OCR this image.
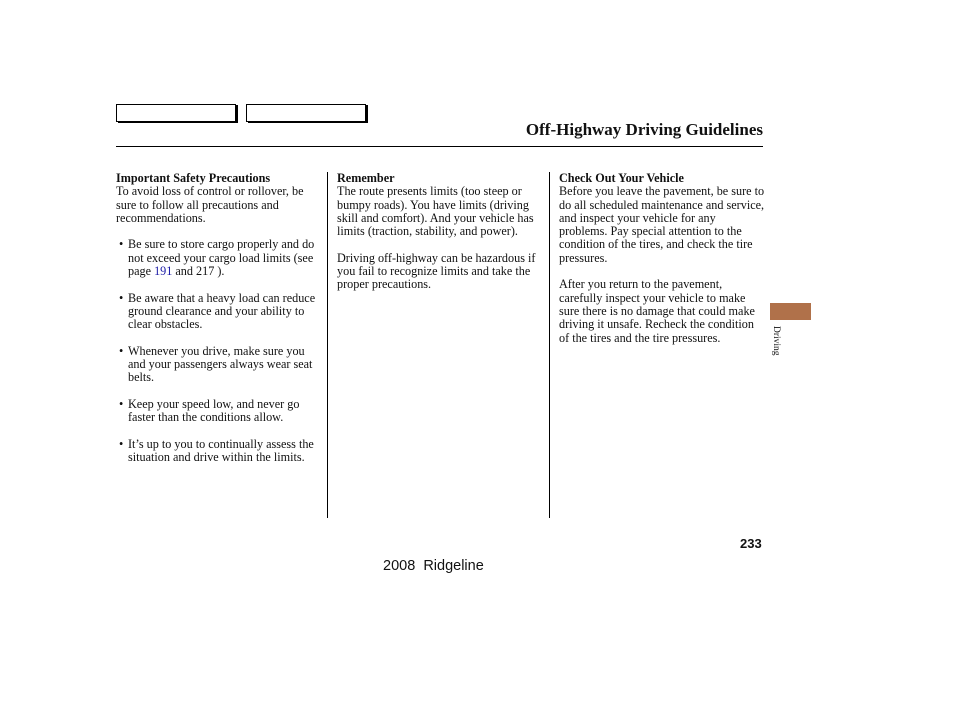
Off-Highway Driving Guidelines
Important Safety Precautions

To avoid loss of control or rollover, be sure to follow all precautions and recommendations.

• Be sure to store cargo properly and do not exceed your cargo load limits (see page 191 and 217 ).
• Be aware that a heavy load can reduce ground clearance and your ability to clear obstacles.
• Whenever you drive, make sure you and your passengers always wear seat belts.
• Keep your speed low, and never go faster than the conditions allow.
• It’s up to you to continually assess the situation and drive within the limits.
Remember

The route presents limits (too steep or bumpy roads). You have limits (driving skill and comfort). And your vehicle has limits (traction, stability, and power).

Driving off-highway can be hazardous if you fail to recognize limits and take the proper precautions.

Check Out Your Vehicle

Before you leave the pavement, be sure to do all scheduled maintenance and service, and inspect your vehicle for any problems. Pay special attention to the condition of the tires, and check the tire pressures.

After you return to the pavement, carefully inspect your vehicle to make sure there is no damage that could make driving it unsafe. Recheck the condition of the tires and the tire pressures.	Driving
233
2008  Ridgeline
